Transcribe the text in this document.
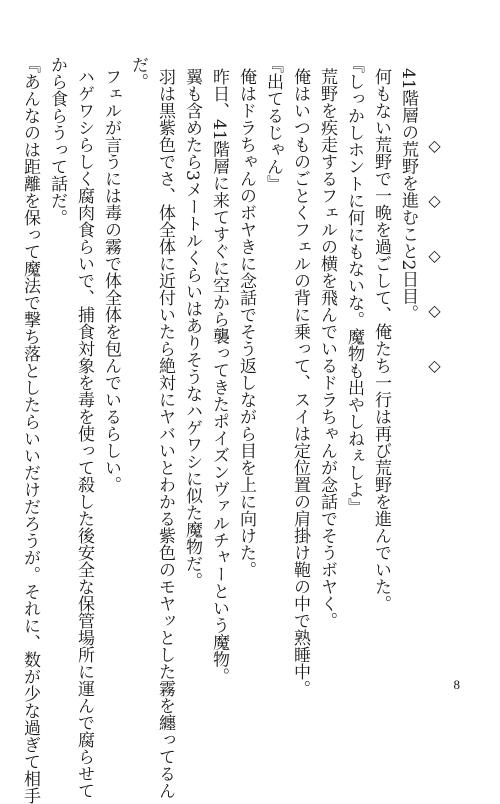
◇　◇　◇　◇　◇
41階層の荒野を進むこと2日目。
何もない荒野で一晩を過ごして、俺たち一行は再び荒野を進んでいた。
『しっかしホントに何にもないな。魔物も出やしねぇしよ』
荒野を疾走するフェルの横を飛んでいるドラちゃんが念話でそうボヤく。
俺はいつものごとくフェルの背に乗って、スイは定位置の肩掛け鞄の中で熟睡中。
『出てるじゃん』
俺はドラちゃんのボヤきに念話でそう返しながら目を上に向けた。
昨日、41階層に来てすぐに空から襲ってきたポイズンヴァルチャーという魔物。
翼も含めたら3メートルくらいはありそうなハゲワシに似た魔物だ。
羽は黒紫色でさ、体全体に近付いたら絶対にヤバいとわかる紫色のモヤッとした霧を纏ってるん
だ。
フェルが言うには毒の霧で体全体を包んでいるらしい。
ハゲワシらしく腐肉食らいで、捕食対象を毒を使って殺した後安全な保管場所に運んで腐らせて
から食らうって話だ。
『あんなのは距離を保って魔法で撃ち落としたらいいだけだろうが。それに、数が少な過ぎて相手	8
